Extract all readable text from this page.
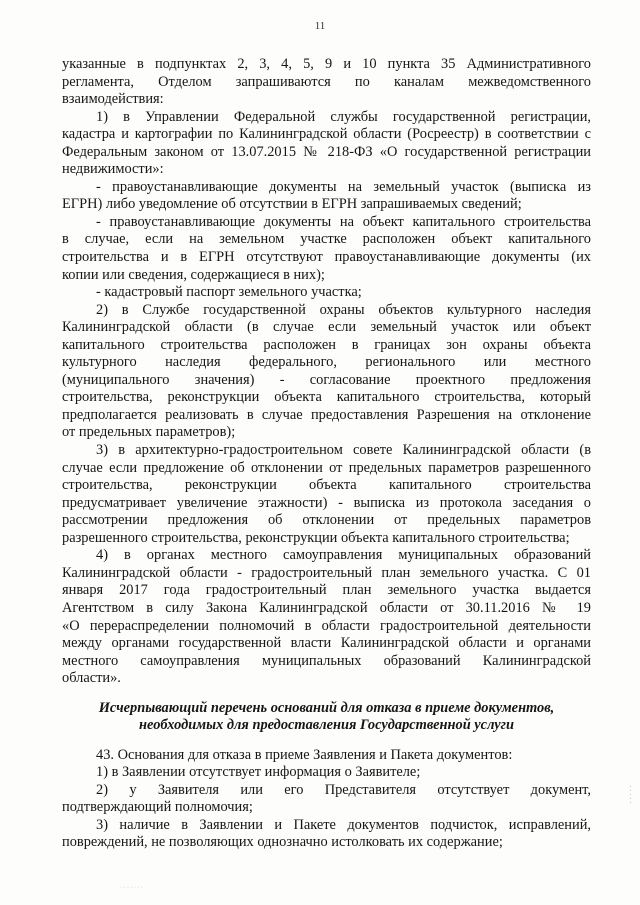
11
указанные в подпунктах 2, 3, 4, 5, 9 и 10 пункта 35 Административного
регламента, Отделом запрашиваются по каналам межведомственного
взаимодействия:
1) в Управлении Федеральной службы государственной регистрации,
кадастра и картографии по Калининградской области (Росреестр) в соответствии с
Федеральным законом от 13.07.2015 № 218-ФЗ «О государственной регистрации
недвижимости»:
- правоустанавливающие документы на земельный участок (выписка из
ЕГРН) либо уведомление об отсутствии в ЕГРН запрашиваемых сведений;
- правоустанавливающие документы на объект капитального строительства
в случае, если на земельном участке расположен объект капитального
строительства и в ЕГРН отсутствуют правоустанавливающие документы (их
копии или сведения, содержащиеся в них);
- кадастровый паспорт земельного участка;
2) в Службе государственной охраны объектов культурного наследия
Калининградской области (в случае если земельный участок или объект
капитального строительства расположен в границах зон охраны объекта
культурного наследия федерального, регионального или местного
(муниципального значения) - согласование проектного предложения
строительства, реконструкции объекта капитального строительства, который
предполагается реализовать в случае предоставления Разрешения на отклонение
от предельных параметров);
3) в архитектурно-градостроительном совете Калининградской области (в
случае если предложение об отклонении от предельных параметров разрешенного
строительства, реконструкции объекта капитального строительства
предусматривает увеличение этажности) - выписка из протокола заседания о
рассмотрении предложения об отклонении от предельных параметров
разрешенного строительства, реконструкции объекта капитального строительства;
4) в органах местного самоуправления муниципальных образований
Калининградской области - градостроительный план земельного участка. С 01
января 2017 года градостроительный план земельного участка выдается
Агентством в силу Закона Калининградской области от 30.11.2016 № 19
«О перераспределении полномочий в области градостроительной деятельности
между органами государственной власти Калининградской области и органами
местного самоуправления муниципальных образований Калининградской
области».
Исчерпывающий перечень оснований для отказа в приеме документов,
необходимых для предоставления Государственной услуги
43. Основания для отказа в приеме Заявления и Пакета документов:
1) в Заявлении отсутствует информация о Заявителе;
2) у Заявителя или его Представителя отсутствует документ,
подтверждающий полномочия;
3) наличие в Заявлении и Пакете документов подчисток, исправлений,
повреждений, не позволяющих однозначно истолковать их содержание;
· · · · ·
· · · · · · ·
